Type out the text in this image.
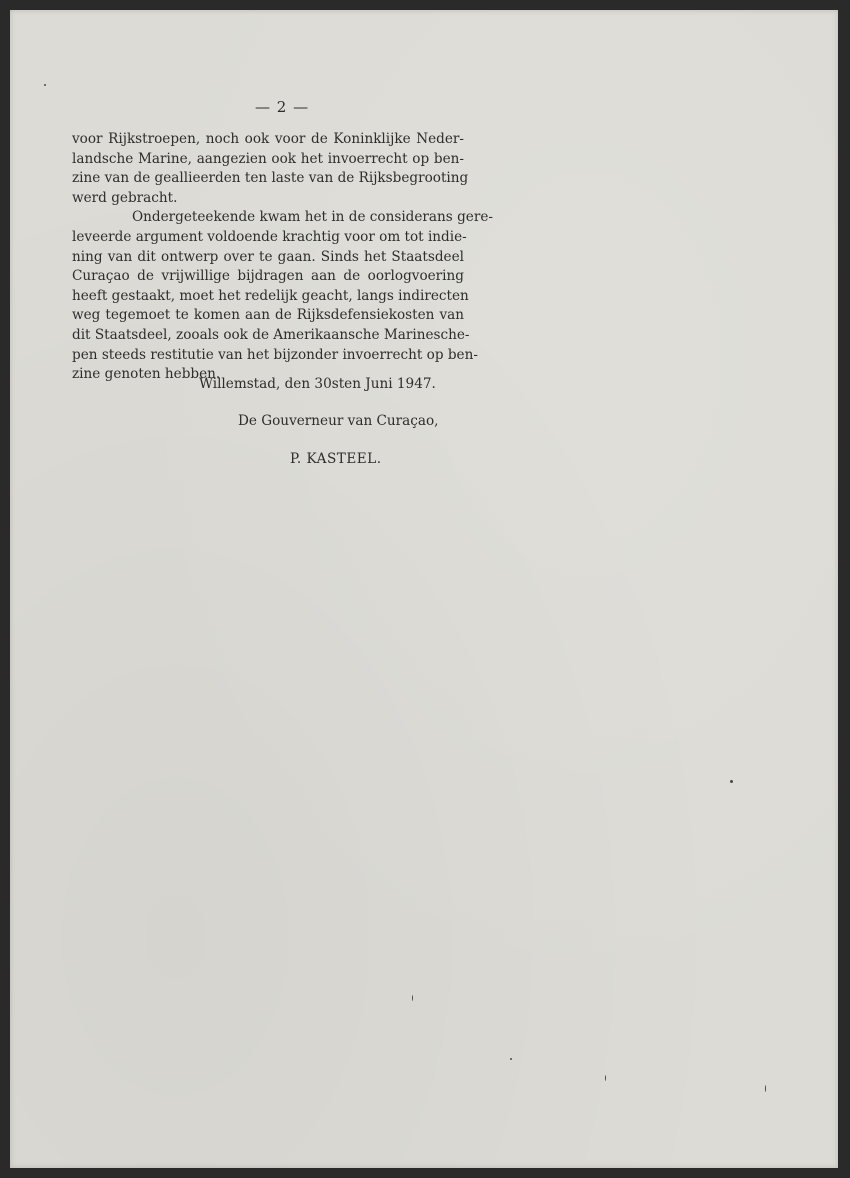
— 2 —

voor Rijkstroepen, noch ook voor de Koninklijke Neder-
landsche Marine, aangezien ook het invoerrecht op ben-
zine van de geallieerden ten laste van de Rijksbegrooting
werd gebracht.

Ondergeteekende kwam het in de considerans gere-
leveerde argument voldoende krachtig voor om tot indie-
ning van dit ontwerp over te gaan. Sinds het Staatsdeel
Curaçao de vrijwillige bijdragen aan de oorlogvoering
heeft gestaakt, moet het redelijk geacht, langs indirecten
weg tegemoet te komen aan de Rijksdefensiekosten van
dit Staatsdeel, zooals ook de Amerikaansche Marinesche-
pen steeds restitutie van het bijzonder invoerrecht op ben-
zine genoten hebben.

Willemstad, den 30sten Juni 1947.
De Gouverneur van Curaçao,
P. KASTEEL.
